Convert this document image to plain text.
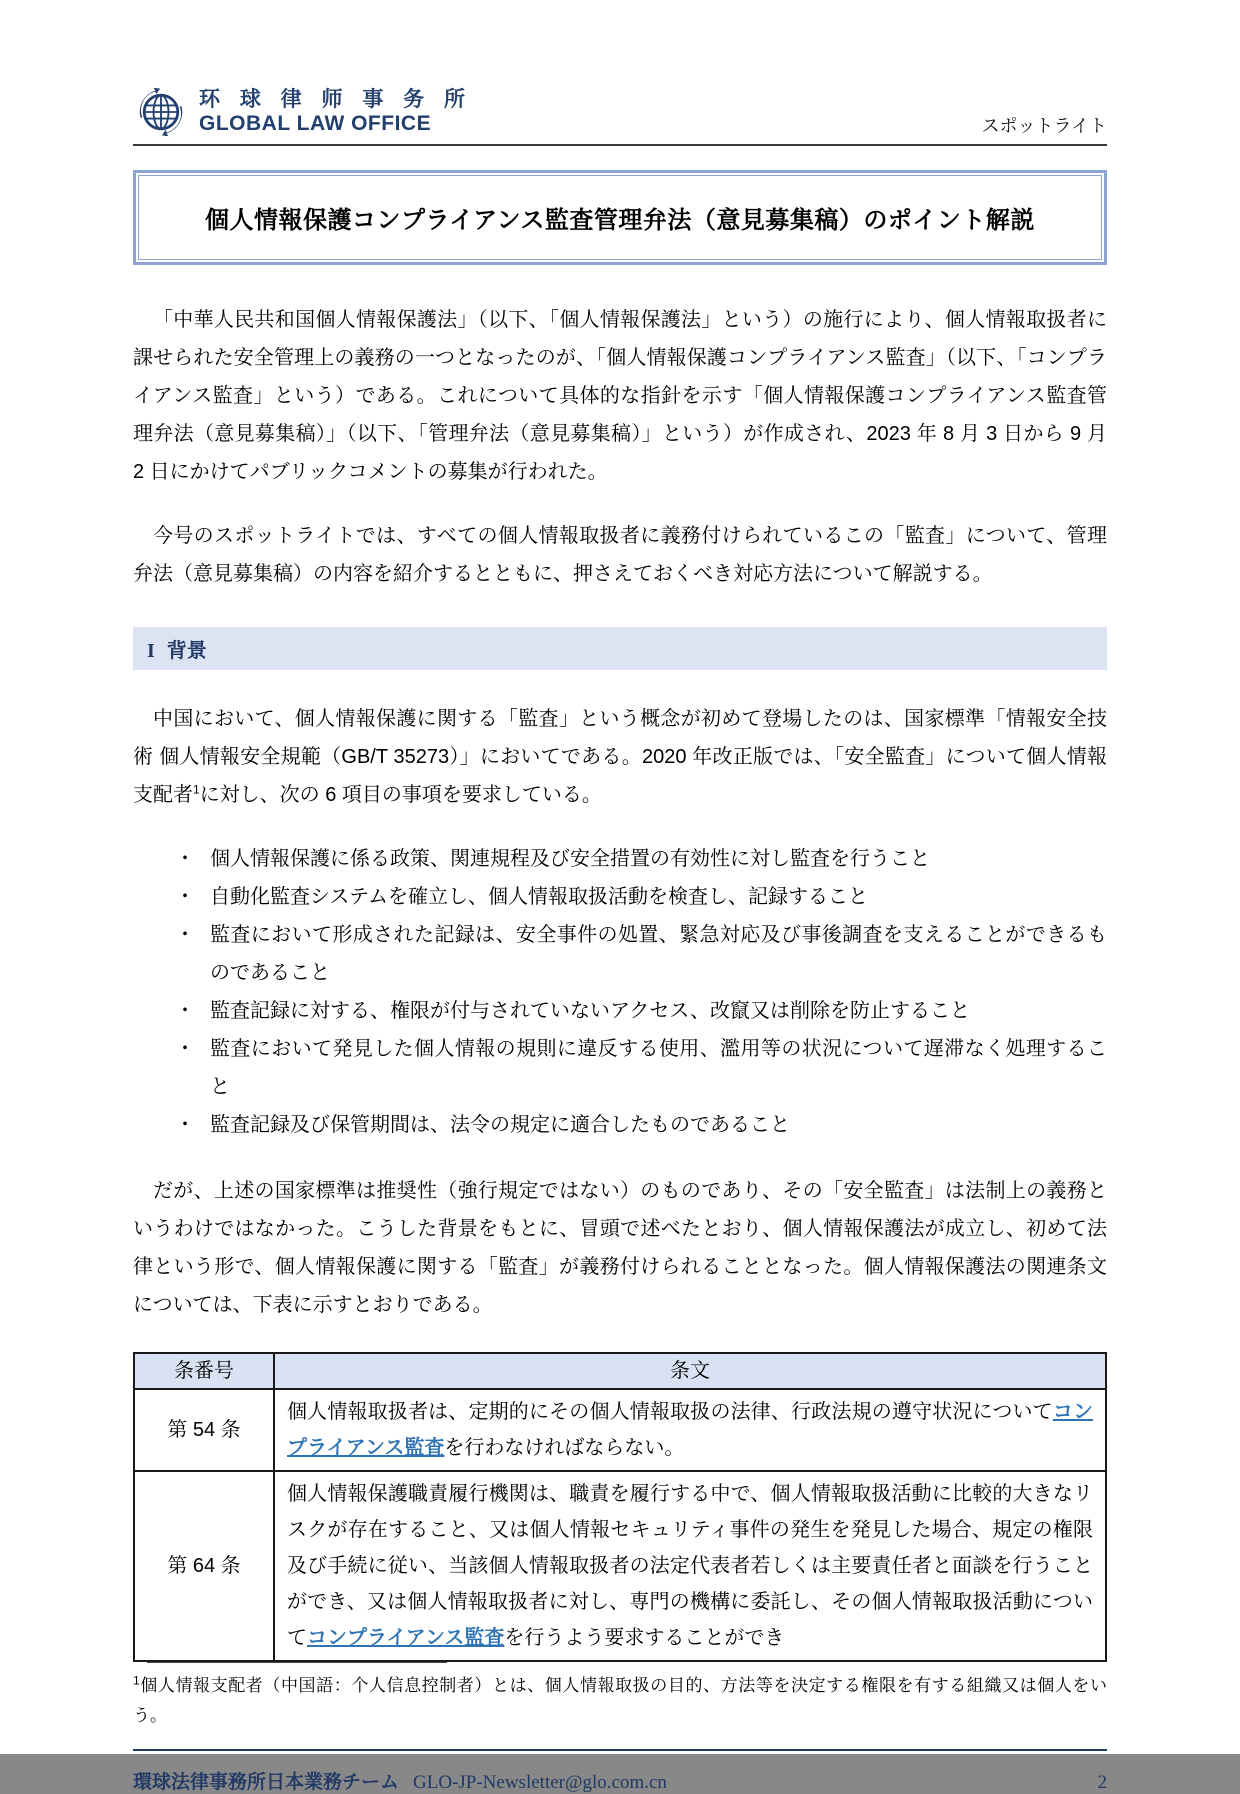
环 球 律 师 事 务 所
GLOBAL LAW OFFICE	スポットライト
個人情報保護コンプライアンス監査管理弁法（意見募集稿）のポイント解説

「中華人民共和国個人情報保護法」（以下、「個人情報保護法」という）の施行により、個人情報取扱者に課せられた安全管理上の義務の一つとなったのが、「個人情報保護コンプライアンス監査」（以下、「コンプライアンス監査」という）である。これについて具体的な指針を示す「個人情報保護コンプライアンス監査管理弁法（意見募集稿）」（以下、「管理弁法（意見募集稿）」という）が作成され、2023 年 8 月 3 日から 9 月 2 日にかけてパブリックコメントの募集が行われた。

今号のスポットライトでは、すべての個人情報取扱者に義務付けられているこの「監査」について、管理弁法（意見募集稿）の内容を紹介するとともに、押さえておくべき対応方法について解説する。

I 背景

中国において、個人情報保護に関する「監査」という概念が初めて登場したのは、国家標準「情報安全技術 個人情報安全規範（GB/T 35273）」においてである。2020 年改正版では、「安全監査」について個人情報支配者$^1$に対し、次の 6 項目の事項を要求している。

・ 個人情報保護に係る政策、関連規程及び安全措置の有効性に対し監査を行うこと
・ 自動化監査システムを確立し、個人情報取扱活動を検査し、記録すること
・ 監査において形成された記録は、安全事件の処置、緊急対応及び事後調査を支えることができるものであること
・ 監査記録に対する、権限が付与されていないアクセス、改竄又は削除を防止すること
・ 監査において発見した個人情報の規則に違反する使用、濫用等の状況について遅滞なく処理すること
・ 監査記録及び保管期間は、法令の規定に適合したものであること

だが、上述の国家標準は推奨性（強行規定ではない）のものであり、その「安全監査」は法制上の義務というわけではなかった。こうした背景をもとに、冒頭で述べたとおり、個人情報保護法が成立し、初めて法律という形で、個人情報保護に関する「監査」が義務付けられることとなった。個人情報保護法の関連条文については、下表に示すとおりである。

条番号	条文
第 54 条	個人情報取扱者は、定期的にその個人情報取扱の法律、行政法規の遵守状況についてコンプライアンス監査を行わなければならない。
第 64 条	個人情報保護職責履行機関は、職責を履行する中で、個人情報取扱活動に比較的大きなリスクが存在すること、又は個人情報セキュリティ事件の発生を発見した場合、規定の権限及び手続に従い、当該個人情報取扱者の法定代表者若しくは主要責任者と面談を行うことができ、又は個人情報取扱者に対し、専門の機構に委託し、その個人情報取扱活動についてコンプライアンス監査を行うよう要求することができ

$^1$個人情報支配者（中国語：个人信息控制者）とは、個人情報取扱の目的、方法等を決定する権限を有する組織又は個人をいう。

環球法律事務所日本業務チーム GLO-JP-Newsletter@glo.com.cn	2
